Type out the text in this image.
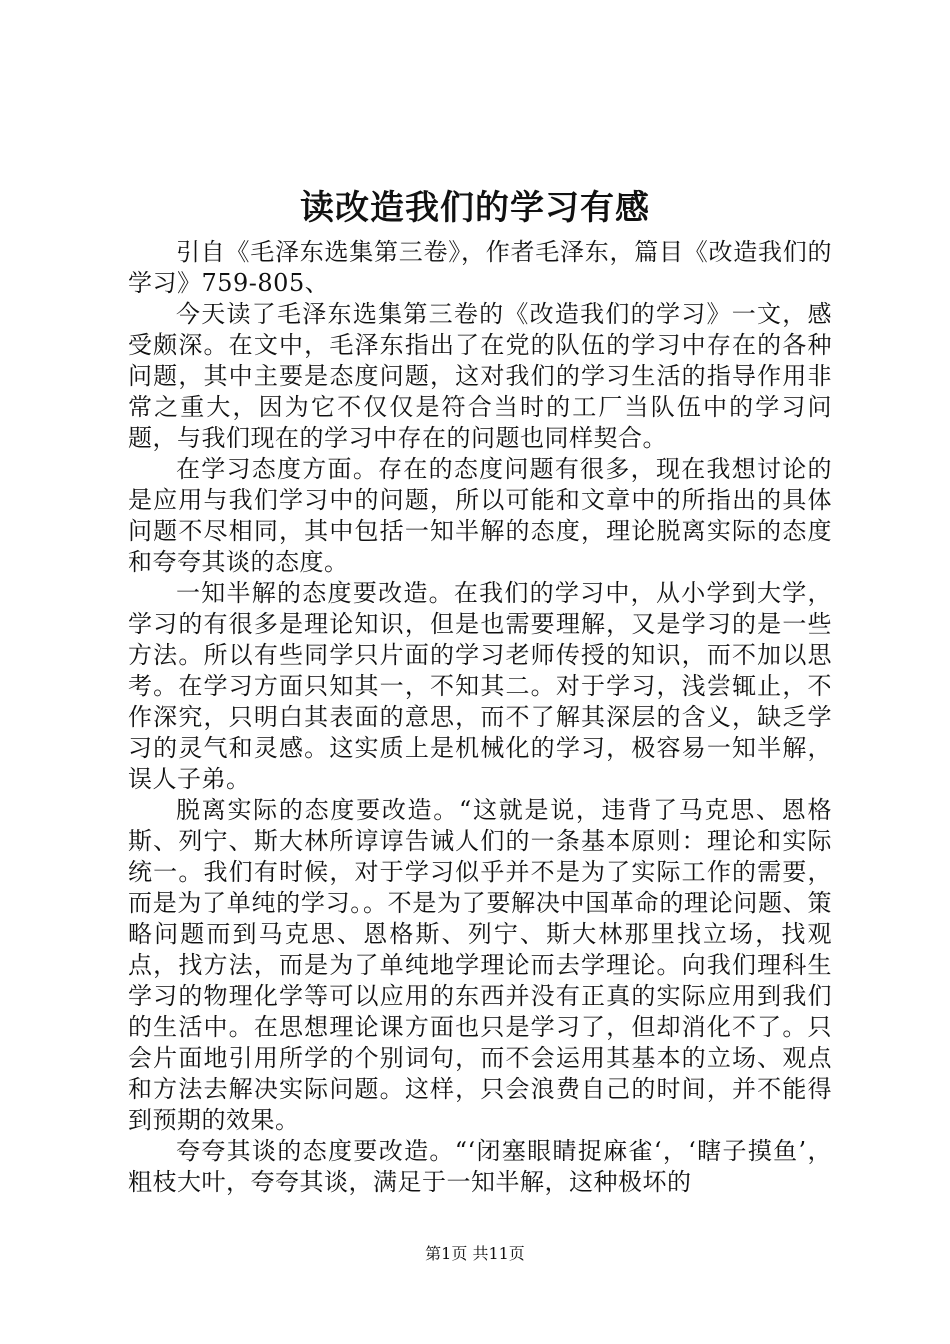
读改造我们的学习有感

引自《毛泽东选集第三卷》，作者毛泽东，篇目《改造我们的学习》759-805、

今天读了毛泽东选集第三卷的《改造我们的学习》一文，感受颇深。在文中，毛泽东指出了在党的队伍的学习中存在的各种问题，其中主要是态度问题，这对我们的学习生活的指导作用非常之重大，因为它不仅仅是符合当时的工厂当队伍中的学习问题，与我们现在的学习中存在的问题也同样契合。

在学习态度方面。存在的态度问题有很多，现在我想讨论的是应用与我们学习中的问题，所以可能和文章中的所指出的具体问题不尽相同，其中包括一知半解的态度，理论脱离实际的态度和夸夸其谈的态度。

一知半解的态度要改造。在我们的学习中，从小学到大学，学习的有很多是理论知识，但是也需要理解，又是学习的是一些方法。所以有些同学只片面的学习老师传授的知识，而不加以思考。在学习方面只知其一，不知其二。对于学习，浅尝辄止，不作深究，只明白其表面的意思，而不了解其深层的含义，缺乏学习的灵气和灵感。这实质上是机械化的学习，极容易一知半解，误人子弟。

脱离实际的态度要改造。“这就是说，违背了马克思、恩格斯、列宁、斯大林所谆谆告诫人们的一条基本原则：理论和实际统一。我们有时候，对于学习似乎并不是为了实际工作的需要，而是为了单纯的学习。。不是为了要解决中国革命的理论问题、策略问题而到马克思、恩格斯、列宁、斯大林那里找立场，找观点，找方法，而是为了单纯地学理论而去学理论。向我们理科生学习的物理化学等可以应用的东西并没有正真的实际应用到我们的生活中。在思想理论课方面也只是学习了，但却消化不了。只会片面地引用所学的个别词句，而不会运用其基本的立场、观点和方法去解决实际问题。这样，只会浪费自己的时间，并不能得到预期的效果。

夸夸其谈的态度要改造。“‘闭塞眼睛捉麻雀‘，‘瞎子摸鱼’，粗枝大叶，夸夸其谈，满足于一知半解，这种极坏的

第1页 共11页
